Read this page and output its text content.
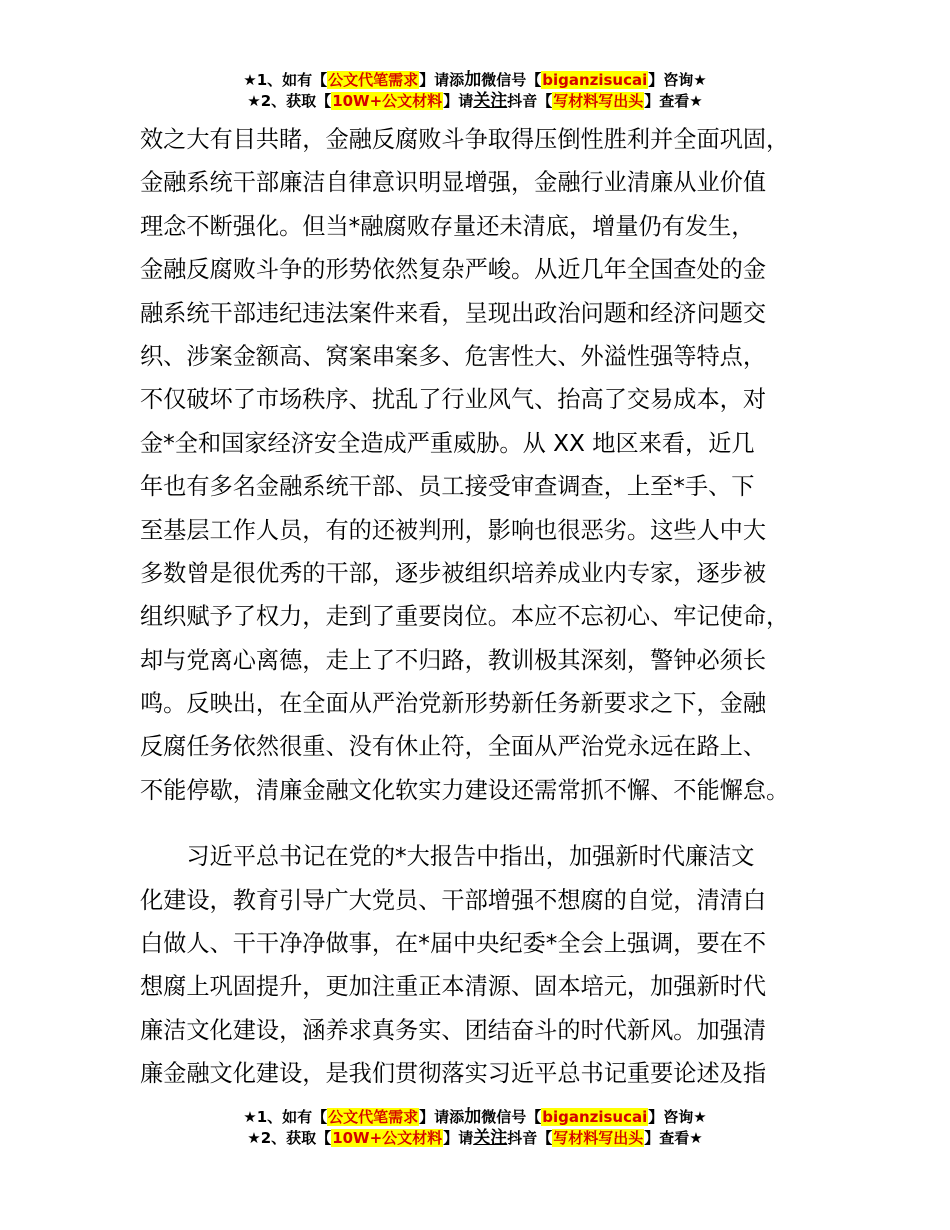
★1、如有【公文代笔需求】请添加微信号【biganzisucai】咨询★
★2、获取【10W+公文材料】请关注抖音【写材料写出头】查看★
效之大有目共睹，金融反腐败斗争取得压倒性胜利并全面巩固，
金融系统干部廉洁自律意识明显增强，金融行业清廉从业价值
理念不断强化。但当*融腐败存量还未清底，增量仍有发生，
金融反腐败斗争的形势依然复杂严峻。从近几年全国查处的金
融系统干部违纪违法案件来看，呈现出政治问题和经济问题交
织、涉案金额高、窝案串案多、危害性大、外溢性强等特点，
不仅破坏了市场秩序、扰乱了行业风气、抬高了交易成本，对
金*全和国家经济安全造成严重威胁。从 XX 地区来看，近几
年也有多名金融系统干部、员工接受审查调查，上至*手、下
至基层工作人员，有的还被判刑，影响也很恶劣。这些人中大
多数曾是很优秀的干部，逐步被组织培养成业内专家，逐步被
组织赋予了权力，走到了重要岗位。本应不忘初心、牢记使命，
却与党离心离德，走上了不归路，教训极其深刻，警钟必须长
鸣。反映出，在全面从严治党新形势新任务新要求之下，金融
反腐任务依然很重、没有休止符，全面从严治党永远在路上、
不能停歇，清廉金融文化软实力建设还需常抓不懈、不能懈怠。
　　习近平总书记在党的*大报告中指出，加强新时代廉洁文
化建设，教育引导广大党员、干部增强不想腐的自觉，清清白
白做人、干干净净做事，在*届中央纪委*全会上强调，要在不
想腐上巩固提升，更加注重正本清源、固本培元，加强新时代
廉洁文化建设，涵养求真务实、团结奋斗的时代新风。加强清
廉金融文化建设，是我们贯彻落实习近平总书记重要论述及指
★1、如有【公文代笔需求】请添加微信号【biganzisucai】咨询★
★2、获取【10W+公文材料】请关注抖音【写材料写出头】查看★
